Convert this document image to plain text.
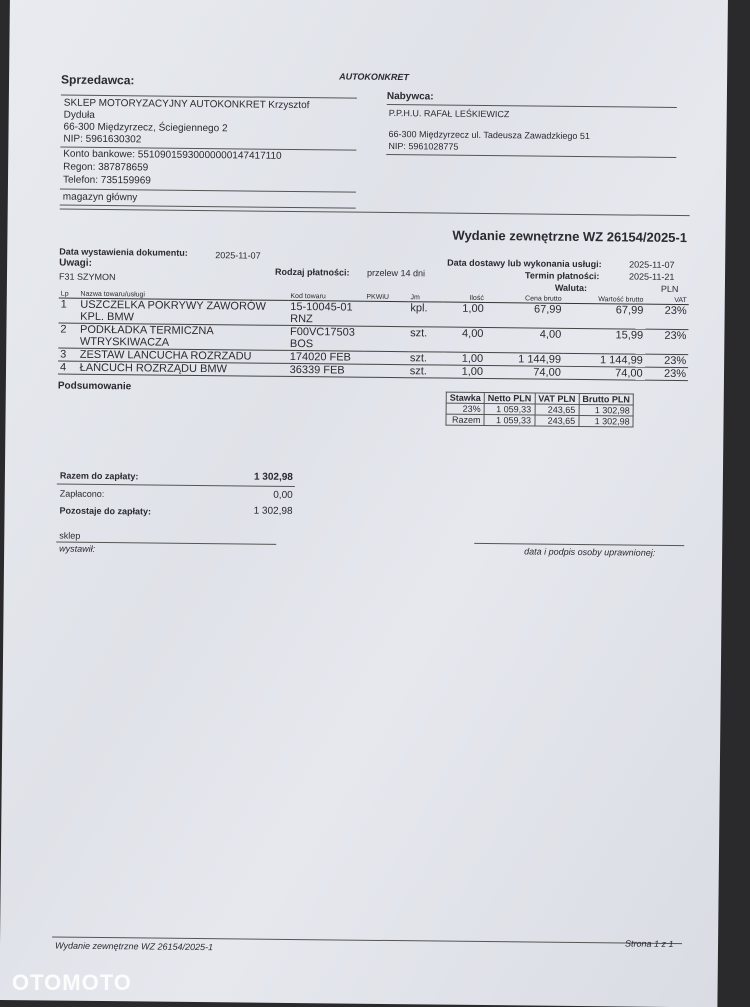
Sprzedawca:	AUTOKONKRET
SKLEP MOTORYZACYJNY AUTOKONKRET Krzysztof
Dyduła
66-300 Międzyrzecz, Ściegiennego 2
NIP: 5961630302
Konto bankowe: 55109015930000000147417110
Regon: 387878659
Telefon: 735159969
magazyn główny
Nabywca:
P.P.H.U. RAFAŁ LEŚKIEWICZ
66-300 Międzyrzecz ul. Tadeusza Zawadzkiego 51
NIP: 5961028775
Wydanie zewnętrzne WZ 26154/2025-1
Data wystawienia dokumentu:	2025-11-07
Uwagi:
F31 SZYMON	Rodzaj płatności: przelew 14 dni
Data dostawy lub wykonania usługi:	2025-11-07
Termin płatności:	2025-11-21
Waluta:	PLN
Lp	Nazwa towaru/usługi	Kod towaru	PKWiU	Jm	Ilość	Cena brutto	Wartość brutto	VAT
1	USZCZELKA POKRYWY ZAWORÓW KPL. BMW	15-10045-01 RNZ		kpl.	1,00	67,99	67,99	23%
2	PODKŁADKA TERMICZNA WTRYSKIWACZA	F00VC17503 BOS		szt.	4,00	4,00	15,99	23%
3	ZESTAW LANCUCHA ROZRZADU	174020 FEB		szt.	1,00	1 144,99	1 144,99	23%
4	ŁAŃCUCH ROZRZĄDU BMW	36339 FEB		szt.	1,00	74,00	74,00	23%
Podsumowanie
Stawka	Netto PLN	VAT PLN	Brutto PLN
23%	1 059,33	243,65	1 302,98
Razem	1 059,33	243,65	1 302,98
Razem do zapłaty:	1 302,98
Zapłacono:	0,00
Pozostaje do zapłaty:	1 302,98
sklep
wystawił:	data i podpis osoby uprawnionej:
Wydanie zewnętrzne WZ 26154/2025-1	Strona 1 z 1
OTOMOTO
